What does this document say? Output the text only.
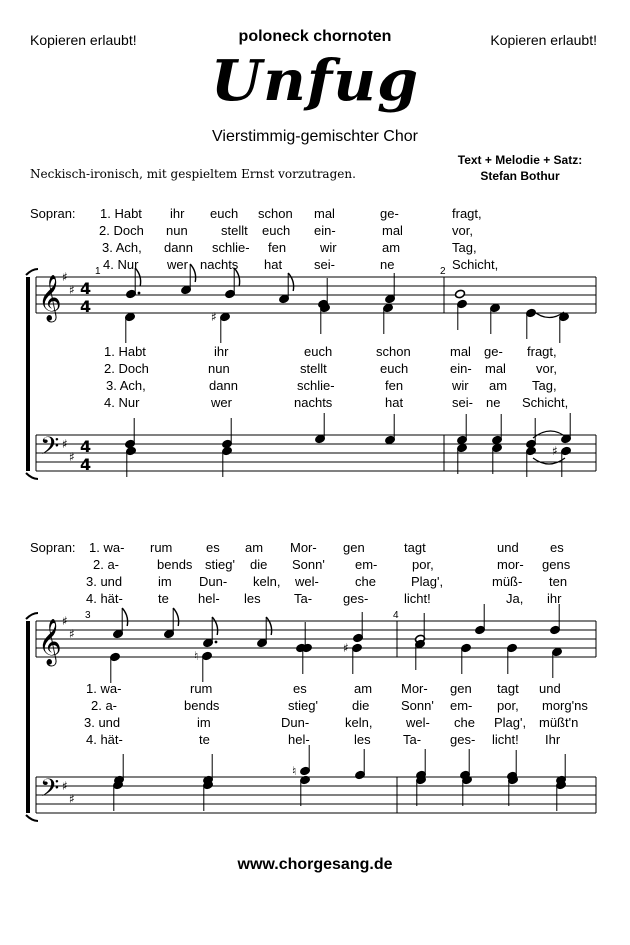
Kopieren erlaubt!	Kopieren erlaubt!
poloneck chornoten
Unfug
Vierstimmig-gemischter Chor
Neckisch-ironisch, mit gespieltem Ernst vorzutragen.
Text + Melodie + Satz:
Stefan Bothur
Sopran:
1	2
1. Habt ihr euch schon mal	ge-	fragt,
2. Doch nun	stellt euch ein-	mal	vor,
3. Ach, dann schlie- fen	wir	am	Tag,
4. Nur wer nachts hat sei-	ne	Schicht,
1. Habt	ihr	euch	schon	mal ge- fragt,
2. Doch	nun	stellt	euch	ein- mal vor,
3. Ach,	dann	schlie-	fen	wir am Tag,
4. Nur	wer	nachts	hat	sei- ne Schicht,
Sopran:
3	4
1. wa- rum	es am Mor- gen	tagt	und es
2. a-	bends stieg' die Sonn' em-	por,	mor- gens
3. und	im Dun- keln, wel-	che	Plag',	müß- ten
4. hät-	te hel- les	Ta- ges-	licht!	Ja, ihr
1. wa-	rum	es	am Mor- gen tagt und
2. a-	bends	stieg'	die Sonn' em- por, morg'ns
3. und	im	Dun-	keln,	wel- che Plag', müßt'n
4. hät-	te	hel-	les Ta- ges- licht! Ihr
www.chorgesang.de
𝄞
𝄢
♯
♯
♯
♯
4
4
4
4
♯
♯
𝄞
𝄢
♯
♯
♯
♯
♮
♯
♮
